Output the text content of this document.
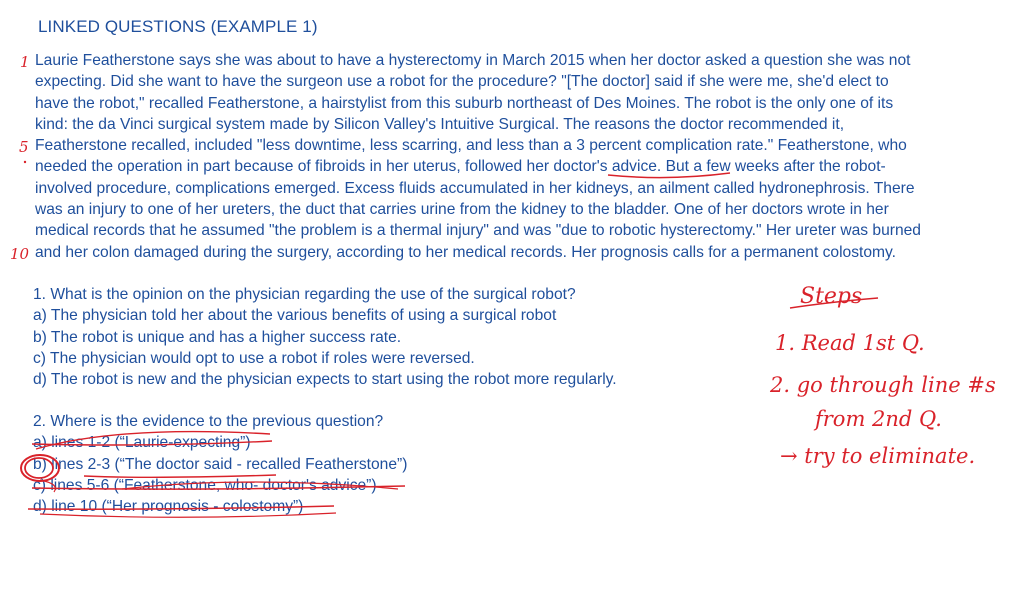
LINKED QUESTIONS (EXAMPLE 1)
Laurie Featherstone says she was about to have a hysterectomy in March 2015 when her doctor asked a question she was not
expecting. Did she want to have the surgeon use a robot for the procedure? "[The doctor] said if she were me, she'd elect to
have the robot," recalled Featherstone, a hairstylist from this suburb northeast of Des Moines. The robot is the only one of its
kind: the da Vinci surgical system made by Silicon Valley's Intuitive Surgical. The reasons the doctor recommended it,
Featherstone recalled, included "less downtime, less scarring, and less than a 3 percent complication rate." Featherstone, who
needed the operation in part because of fibroids in her uterus, followed her doctor's advice. But a few weeks after the robot-
involved procedure, complications emerged. Excess fluids accumulated in her kidneys, an ailment called hydronephrosis. There
was an injury to one of her ureters, the duct that carries urine from the kidney to the bladder. One of her doctors wrote in her
medical records that he assumed "the problem is a thermal injury" and was "due to robotic hysterectomy." Her ureter was burned
and her colon damaged during the surgery, according to her medical records. Her prognosis calls for a permanent colostomy.
1. What is the opinion on the physician regarding the use of the surgical robot?
a) The physician told her about the various benefits of using a surgical robot
b) The robot is unique and has a higher success rate.
c) The physician would opt to use a robot if roles were reversed.
d) The robot is new and the physician expects to start using the robot more regularly.
2. Where is the evidence to the previous question?
a) lines 1-2 (“Laurie-expecting”)
b) lines 2-3 (“The doctor said - recalled Featherstone”)
c) lines 5-6 (“Featherstone, who- doctor's advice”)
d) line 10 (“Her prognosis - colostomy”)
1
5
10
Steps
1. Read 1st Q.
2. go through line #s
from 2nd Q.
→ try to eliminate.
